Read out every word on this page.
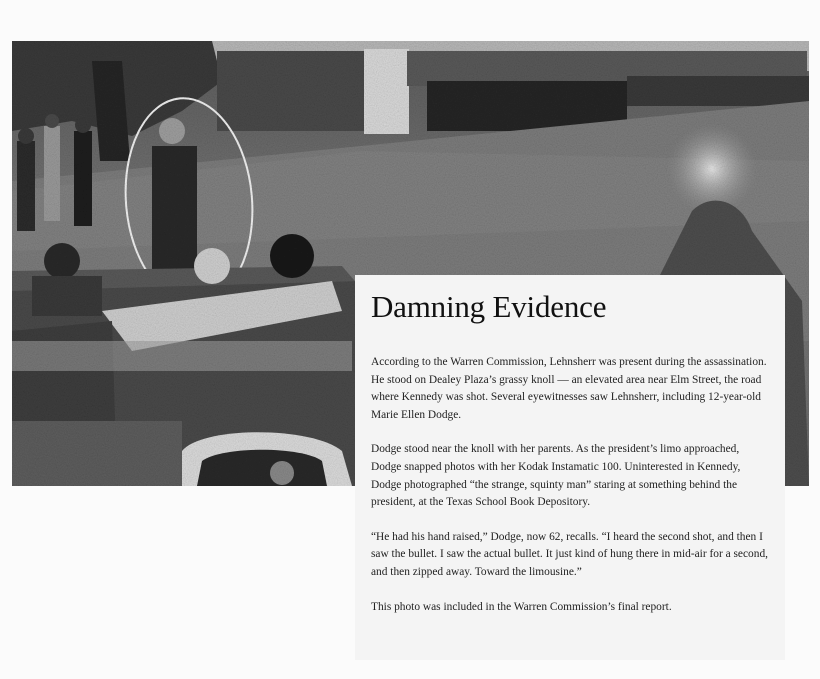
Damning Evidence

According to the Warren Commission, Lehnsherr was present during the assassination. He stood on Dealey Plaza’s grassy knoll — an elevated area near Elm Street, the road where Kennedy was shot. Several eyewitnesses saw Lehnsherr, including 12-year-old Marie Ellen Dodge.

Dodge stood near the knoll with her parents. As the president’s limo approached, Dodge snapped photos with her Kodak Instamatic 100. Uninterested in Kennedy, Dodge photographed “the strange, squinty man” staring at something behind the president, at the Texas School Book Depository.

“He had his hand raised,” Dodge, now 62, recalls. “I heard the second shot, and then I saw the bullet. I saw the actual bullet. It just kind of hung there in mid-air for a second, and then zipped away. Toward the limousine.”

This photo was included in the Warren Commission’s final report.
